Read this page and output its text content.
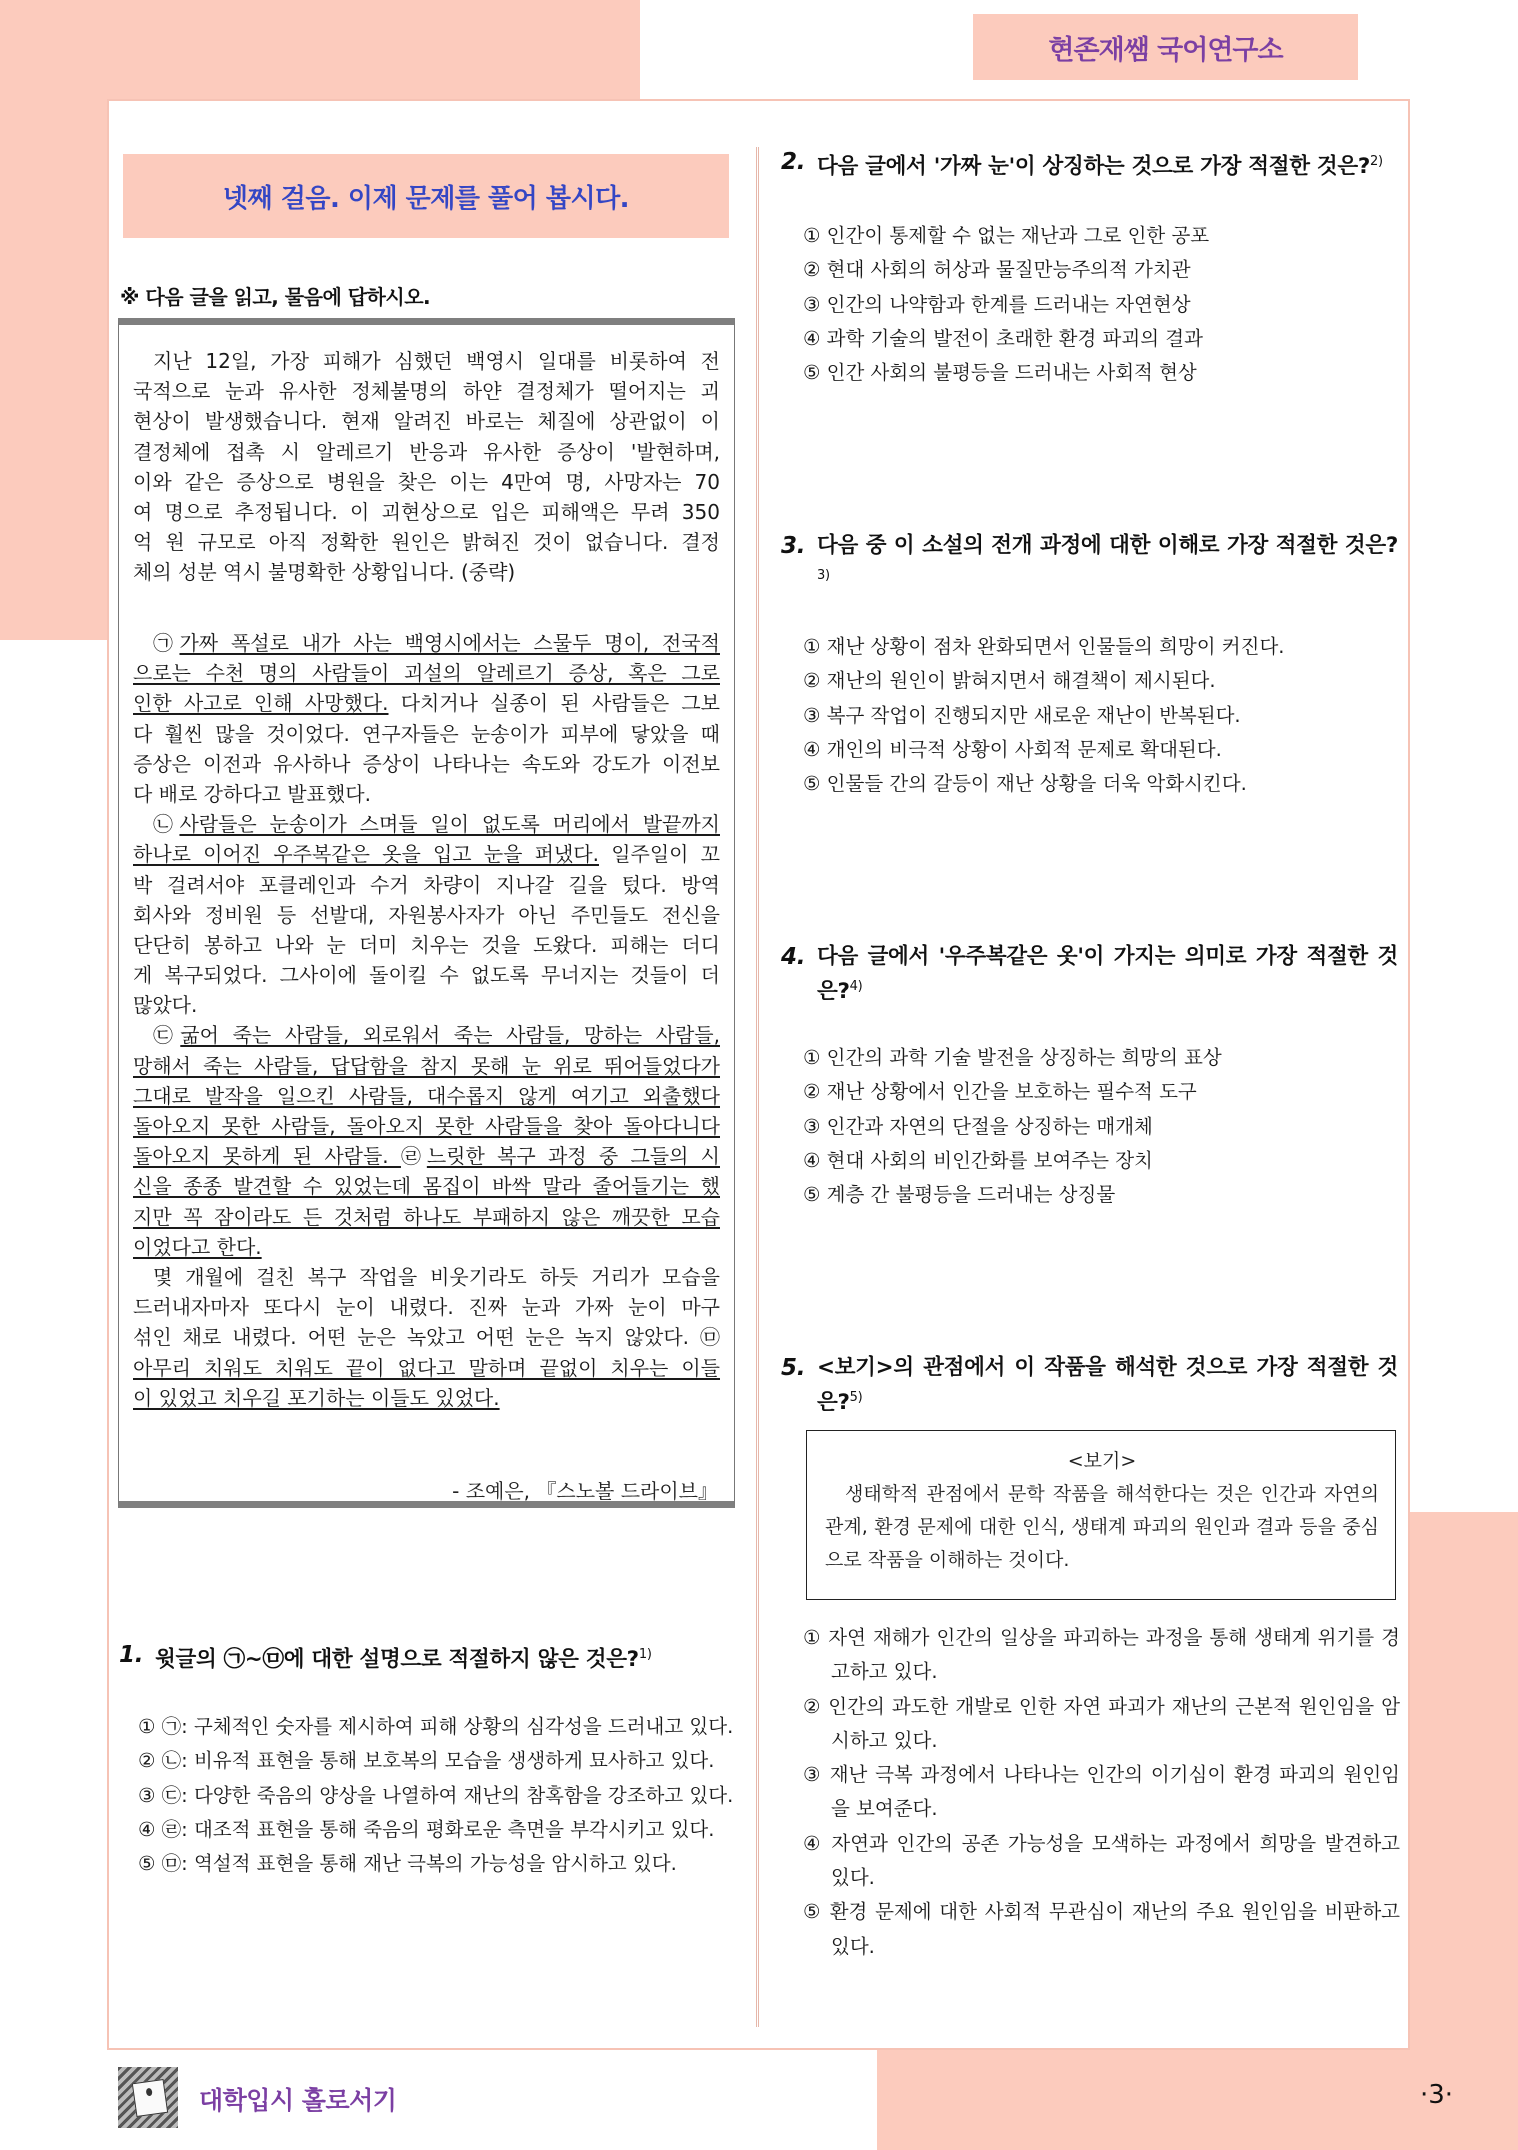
현존재쌤 국어연구소
넷째 걸음. 이제 문제를 풀어 봅시다.
※ 다음 글을 읽고, 물음에 답하시오.
지난 12일, 가장 피해가 심했던 백영시 일대를 비롯하여 전
국적으로 눈과 유사한 정체불명의 하얀 결정체가 떨어지는 괴
현상이 발생했습니다. 현재 알려진 바로는 체질에 상관없이 이
결정체에 접촉 시 알레르기 반응과 유사한 증상이 '발현하며,
이와 같은 증상으로 병원을 찾은 이는 4만여 명, 사망자는 70
여 명으로 추정됩니다. 이 괴현상으로 입은 피해액은 무려 350
억 원 규모로 아직 정확한 원인은 밝혀진 것이 없습니다. 결정
체의 성분 역시 불명확한 상황입니다. (중략)
㉠가짜 폭설로 내가 사는 백영시에서는 스물두 명이, 전국적
으로는 수천 명의 사람들이 괴설의 알레르기 증상, 혹은 그로
인한 사고로 인해 사망했다. 다치거나 실종이 된 사람들은 그보
다 훨씬 많을 것이었다. 연구자들은 눈송이가 피부에 닿았을 때
증상은 이전과 유사하나 증상이 나타나는 속도와 강도가 이전보
다 배로 강하다고 발표했다.
㉡사람들은 눈송이가 스며들 일이 없도록 머리에서 발끝까지
하나로 이어진 우주복같은 옷을 입고 눈을 퍼냈다. 일주일이 꼬
박 걸려서야 포클레인과 수거 차량이 지나갈 길을 텄다. 방역
회사와 정비원 등 선발대, 자원봉사자가 아닌 주민들도 전신을
단단히 봉하고 나와 눈 더미 치우는 것을 도왔다. 피해는 더디
게 복구되었다. 그사이에 돌이킬 수 없도록 무너지는 것들이 더
많았다.
㉢굶어 죽는 사람들, 외로워서 죽는 사람들, 망하는 사람들,
망해서 죽는 사람들, 답답함을 참지 못해 눈 위로 뛰어들었다가
그대로 발작을 일으킨 사람들, 대수롭지 않게 여기고 외출했다
돌아오지 못한 사람들, 돌아오지 못한 사람들을 찾아 돌아다니다
돌아오지 못하게 된 사람들. ㉣느릿한 복구 과정 중 그들의 시
신을 종종 발견할 수 있었는데 몸집이 바싹 말라 줄어들기는 했
지만 꼭 잠이라도 든 것처럼 하나도 부패하지 않은 깨끗한 모습
이었다고 한다.
몇 개월에 걸친 복구 작업을 비웃기라도 하듯 거리가 모습을
드러내자마자 또다시 눈이 내렸다. 진짜 눈과 가짜 눈이 마구
섞인 채로 내렸다. 어떤 눈은 녹았고 어떤 눈은 녹지 않았다. ㉤
아무리 치워도 치워도 끝이 없다고 말하며 끝없이 치우는 이들
이 있었고 치우길 포기하는 이들도 있었다.
- 조예은, 『스노볼 드라이브』
1. 윗글의 ㉠~㉤에 대한 설명으로 적절하지 않은 것은?$^{1)}$
① ㉠: 구체적인 숫자를 제시하여 피해 상황의 심각성을 드러내고 있다.
② ㉡: 비유적 표현을 통해 보호복의 모습을 생생하게 묘사하고 있다.
③ ㉢: 다양한 죽음의 양상을 나열하여 재난의 참혹함을 강조하고 있다.
④ ㉣: 대조적 표현을 통해 죽음의 평화로운 측면을 부각시키고 있다.
⑤ ㉤: 역설적 표현을 통해 재난 극복의 가능성을 암시하고 있다.
2. 다음 글에서 '가짜 눈'이 상징하는 것으로 가장 적절한 것은?$^{2)}$
① 인간이 통제할 수 없는 재난과 그로 인한 공포
② 현대 사회의 허상과 물질만능주의적 가치관
③ 인간의 나약함과 한계를 드러내는 자연현상
④ 과학 기술의 발전이 초래한 환경 파괴의 결과
⑤ 인간 사회의 불평등을 드러내는 사회적 현상
3. 다음 중 이 소설의 전개 과정에 대한 이해로 가장 적절한 것은?$^{3)}$
① 재난 상황이 점차 완화되면서 인물들의 희망이 커진다.
② 재난의 원인이 밝혀지면서 해결책이 제시된다.
③ 복구 작업이 진행되지만 새로운 재난이 반복된다.
④ 개인의 비극적 상황이 사회적 문제로 확대된다.
⑤ 인물들 간의 갈등이 재난 상황을 더욱 악화시킨다.
4. 다음 글에서 '우주복같은 옷'이 가지는 의미로 가장 적절한 것은?$^{4)}$
① 인간의 과학 기술 발전을 상징하는 희망의 표상
② 재난 상황에서 인간을 보호하는 필수적 도구
③ 인간과 자연의 단절을 상징하는 매개체
④ 현대 사회의 비인간화를 보여주는 장치
⑤ 계층 간 불평등을 드러내는 상징물
5. <보기>의 관점에서 이 작품을 해석한 것으로 가장 적절한 것은?$^{5)}$
<보기>
생태학적 관점에서 문학 작품을 해석한다는 것은 인간과 자연의 관계, 환경 문제에 대한 인식, 생태계 파괴의 원인과 결과 등을 중심으로 작품을 이해하는 것이다.
① 자연 재해가 인간의 일상을 파괴하는 과정을 통해 생태계 위기를 경고하고 있다.
② 인간의 과도한 개발로 인한 자연 파괴가 재난의 근본적 원인임을 암시하고 있다.
③ 재난 극복 과정에서 나타나는 인간의 이기심이 환경 파괴의 원인임을 보여준다.
④ 자연과 인간의 공존 가능성을 모색하는 과정에서 희망을 발견하고 있다.
⑤ 환경 문제에 대한 사회적 무관심이 재난의 주요 원인임을 비판하고 있다.
대학입시 홀로서기	·3·
